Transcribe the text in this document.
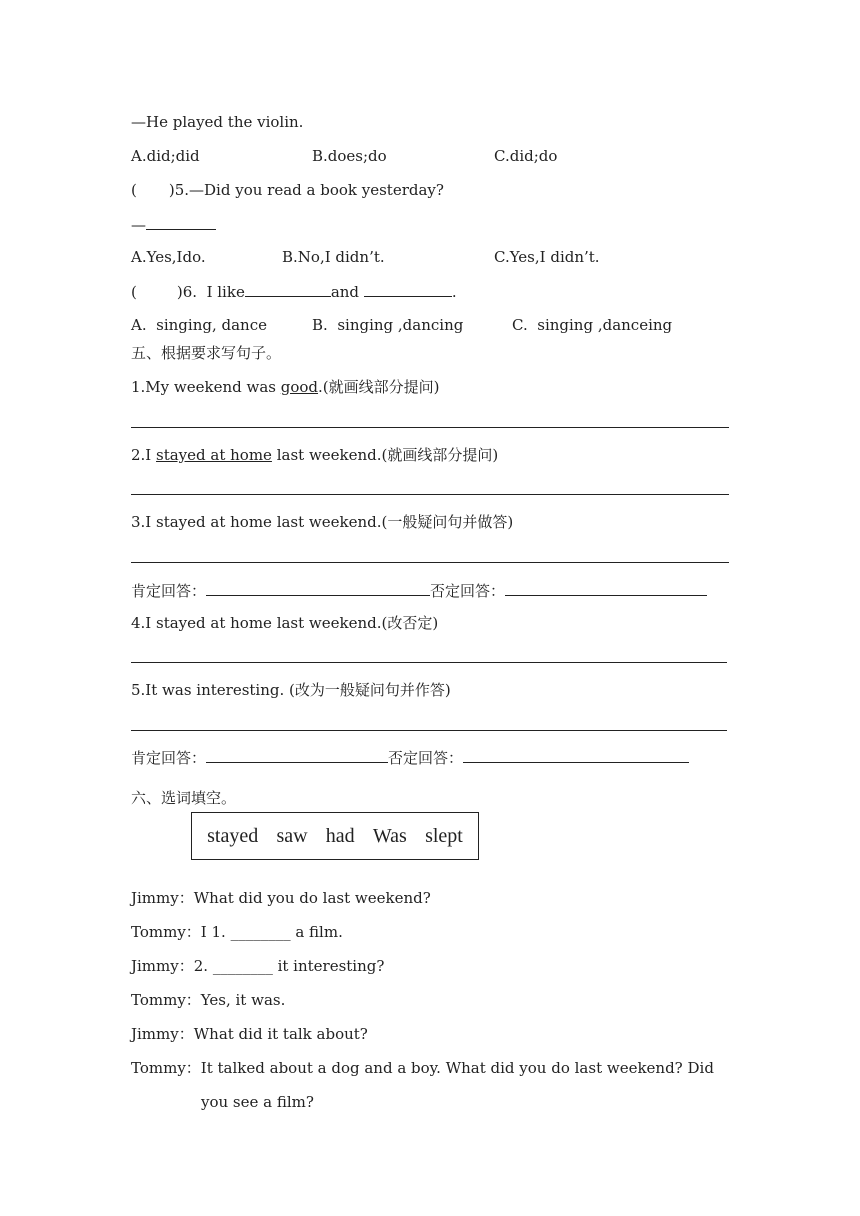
—He played the violin.
A.did;did	B.does;do	C.did;do
( )5.—Did you read a book yesterday?
—
A.Yes,Ido.	B.No,I didn’t.	C.Yes,I didn’t.
(	)6.  I like	and	.
A.  singing, dance	B.  singing ,dancing	C.  singing ,danceing
五、根据要求写句子。
1.My weekend was good.(就画线部分提问)
2.I stayed at home last weekend.(就画线部分提问)
3.I stayed at home last weekend.(一般疑问句并做答)
肯定回答：	否定回答：
4.I stayed at home last weekend.(改否定)
5.It was interesting. (改为一般疑问句并作答)
肯定回答：	否定回答：
六、选词填空。
stayed saw had Was slept
Jimmy：What did you do last weekend?
Tommy：I 1. ________ a film.
Jimmy：2. ________ it interesting?
Tommy：Yes, it was.
Jimmy：What did it talk about?
Tommy：It talked about a dog and a boy. What did you do last weekend? Did
you see a film?
